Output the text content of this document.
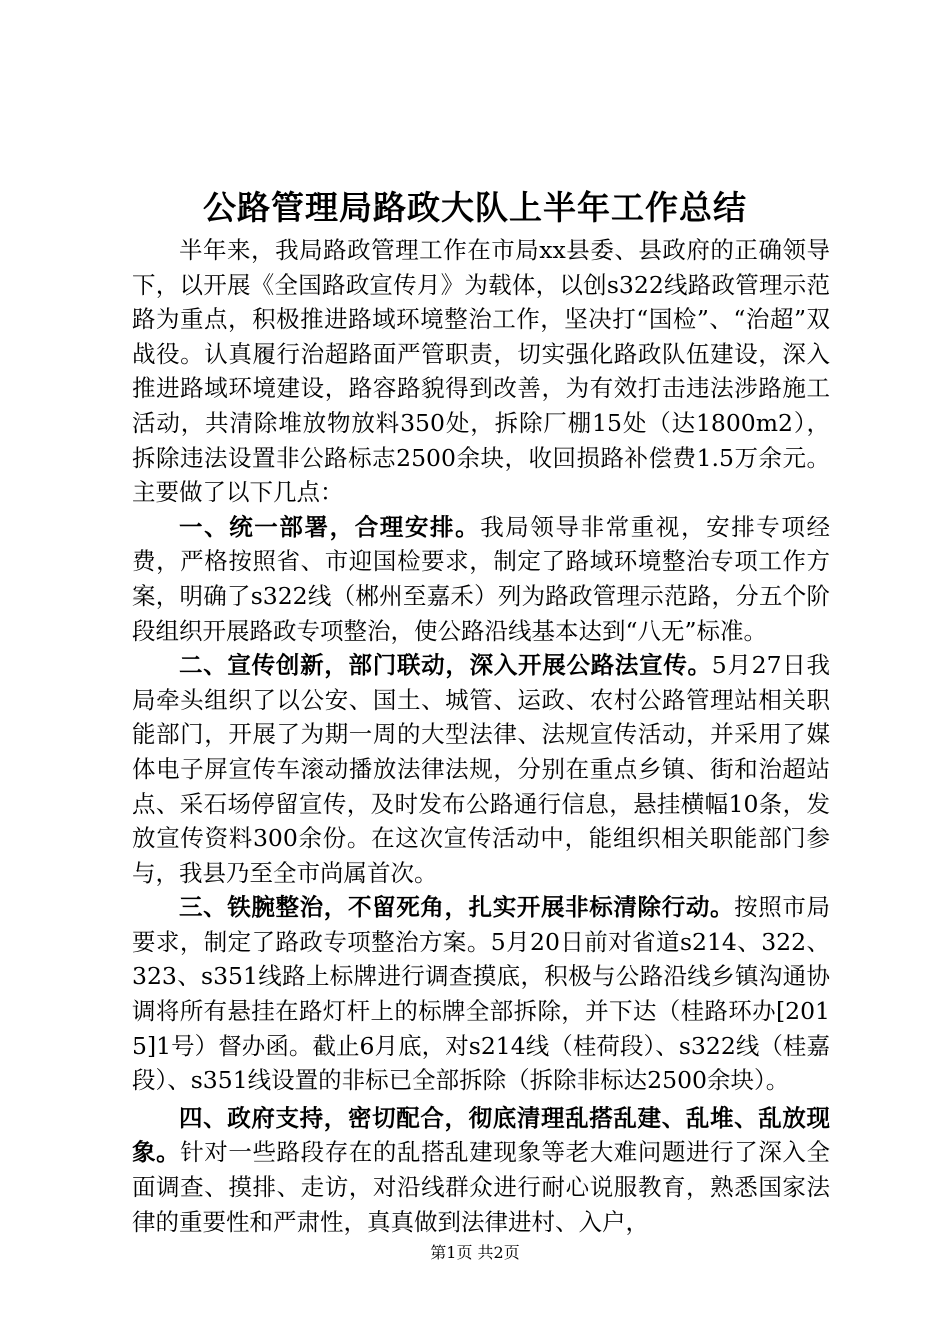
公路管理局路政大队上半年工作总结

半年来，我局路政管理工作在市局xx县委、县政府的正确领导下，以开展《全国路政宣传月》为载体，以创s322线路政管理示范路为重点，积极推进路域环境整治工作，坚决打“国检”、“治超”双战役。认真履行治超路面严管职责，切实强化路政队伍建设，深入推进路域环境建设，路容路貌得到改善，为有效打击违法涉路施工活动，共清除堆放物放料350处，拆除厂棚15处（达1800m2），拆除违法设置非公路标志2500余块，收回损路补偿费1.5万余元。主要做了以下几点：

一、统一部署，合理安排。我局领导非常重视，安排专项经费，严格按照省、市迎国检要求，制定了路域环境整治专项工作方案，明确了s322线（郴州至嘉禾）列为路政管理示范路，分五个阶段组织开展路政专项整治，使公路沿线基本达到“八无”标准。

二、宣传创新，部门联动，深入开展公路法宣传。5月27日我局牵头组织了以公安、国土、城管、运政、农村公路管理站相关职能部门，开展了为期一周的大型法律、法规宣传活动，并采用了媒体电子屏宣传车滚动播放法律法规，分别在重点乡镇、街和治超站点、采石场停留宣传，及时发布公路通行信息，悬挂横幅10条，发放宣传资料300余份。在这次宣传活动中，能组织相关职能部门参与，我县乃至全市尚属首次。

三、铁腕整治，不留死角，扎实开展非标清除行动。按照市局要求，制定了路政专项整治方案。5月20日前对省道s214、322、323、s351线路上标牌进行调查摸底，积极与公路沿线乡镇沟通协调将所有悬挂在路灯杆上的标牌全部拆除，并下达（桂路环办[2015]1号）督办函。截止6月底，对s214线（桂荷段）、s322线（桂嘉段）、s351线设置的非标已全部拆除（拆除非标达2500余块）。

四、政府支持，密切配合，彻底清理乱搭乱建、乱堆、乱放现象。针对一些路段存在的乱搭乱建现象等老大难问题进行了深入全面调查、摸排、走访，对沿线群众进行耐心说服教育，熟悉国家法律的重要性和严肃性，真真做到法律进村、入户，

第1页 共2页
